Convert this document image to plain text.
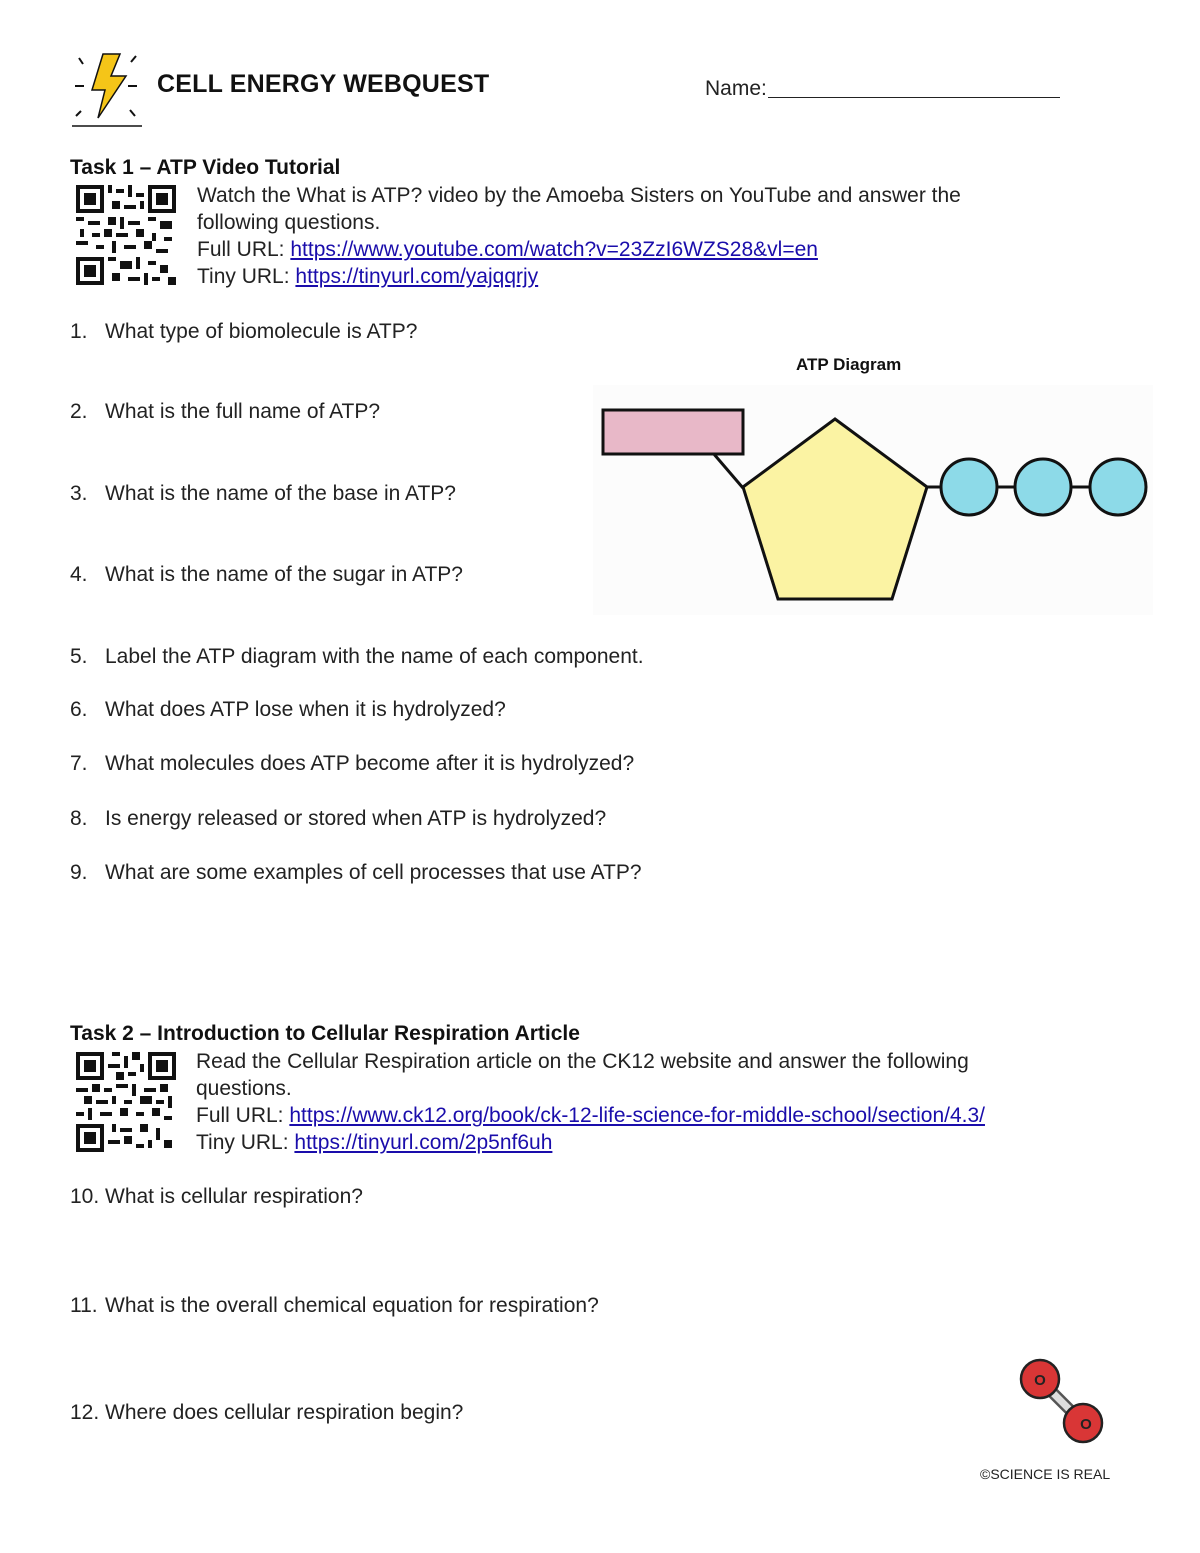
CELL ENERGY WEBQUEST	Name:
Task 1 – ATP Video Tutorial
Watch the What is ATP? video by the Amoeba Sisters on YouTube and answer the
following questions.
Full URL: https://www.youtube.com/watch?v=23ZzI6WZS28&vl=en
Tiny URL: https://tinyurl.com/yajqqrjy
1. What type of biomolecule is ATP?
2. What is the full name of ATP?
3. What is the name of the base in ATP?
4. What is the name of the sugar in ATP?
5. Label the ATP diagram with the name of each component.
6. What does ATP lose when it is hydrolyzed?
7. What molecules does ATP become after it is hydrolyzed?
8. Is energy released or stored when ATP is hydrolyzed?
9. What are some examples of cell processes that use ATP?
ATP Diagram
Task 2 – Introduction to Cellular Respiration Article
Read the Cellular Respiration article on the CK12 website and answer the following
questions.
Full URL: https://www.ck12.org/book/ck-12-life-science-for-middle-school/section/4.3/
Tiny URL: https://tinyurl.com/2p5nf6uh
10. What is cellular respiration?
11. What is the overall chemical equation for respiration?
12. Where does cellular respiration begin?
O
O
©SCIENCE IS REAL
